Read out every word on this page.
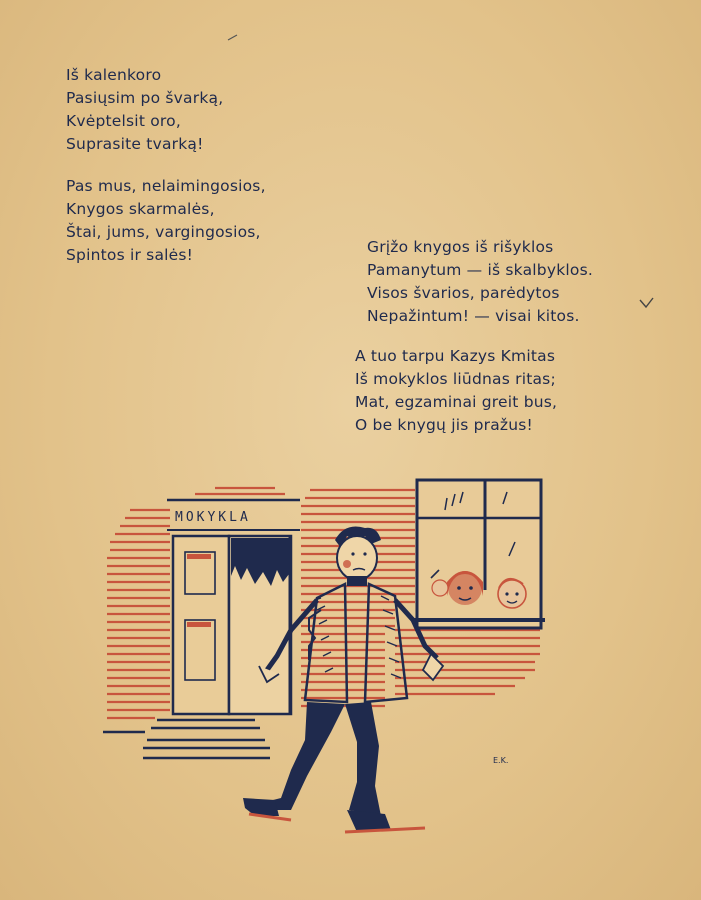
Iš kalenkoro
Pasiųsim po švarką,
Kvėptelsit oro,
Suprasite tvarką!
Pas mus, nelaimingosios,
Knygos skarmalės,
Štai, jums, vargingosios,
Spintos ir salės!	Grįžo knygos iš rišyklos
Pamanytum — iš skalbyklos.
Visos švarios, parėdytos
Nepažintum! — visai kitos.
A tuo tarpu Kazys Kmitas
Iš mokyklos liūdnas ritas;
Mat, egzaminai greit bus,
O be knygų jis pražus!
MOKYKLA
E.K.
